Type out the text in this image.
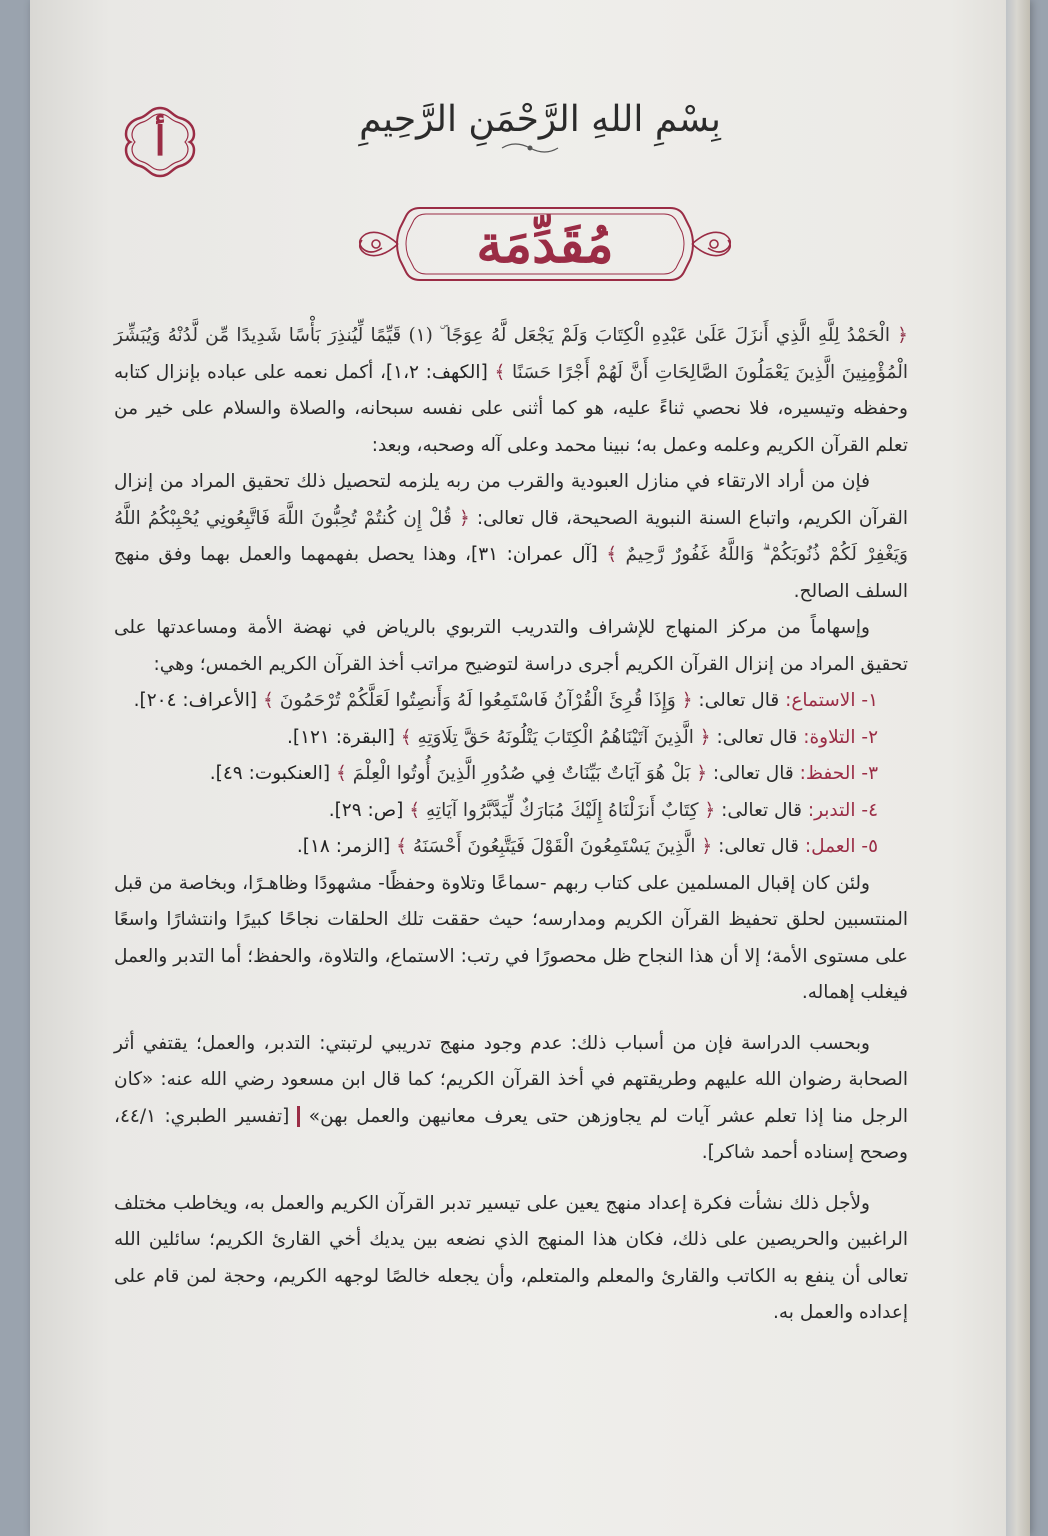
أ	بِسْمِ اللهِ الرَّحْمَنِ الرَّحِيمِ
مُقَدِّمَة

﴿ الْحَمْدُ لِلَّهِ الَّذِي أَنزَلَ عَلَىٰ عَبْدِهِ الْكِتَابَ وَلَمْ يَجْعَل لَّهُ عِوَجًا ۜ (١) قَيِّمًا لِّيُنذِرَ بَأْسًا شَدِيدًا مِّن لَّدُنْهُ وَيُبَشِّرَ الْمُؤْمِنِينَ الَّذِينَ يَعْمَلُونَ الصَّالِحَاتِ أَنَّ لَهُمْ أَجْرًا حَسَنًا ﴾ [الكهف: ١،٢]، أكمل نعمه على عباده بإنزال كتابه وحفظه وتيسيره، فلا نحصي ثناءً عليه، هو كما أثنى على نفسه سبحانه، والصلاة والسلام على خير من تعلم القرآن الكريم وعلمه وعمل به؛ نبينا محمد وعلى آله وصحبه، وبعد:

فإن من أراد الارتقاء في منازل العبودية والقرب من ربه يلزمه لتحصيل ذلك تحقيق المراد من إنزال القرآن الكريم، واتباع السنة النبوية الصحيحة، قال تعالى: ﴿ قُلْ إِن كُنتُمْ تُحِبُّونَ اللَّهَ فَاتَّبِعُونِي يُحْبِبْكُمُ اللَّهُ وَيَغْفِرْ لَكُمْ ذُنُوبَكُمْ ۗ وَاللَّهُ غَفُورٌ رَّحِيمٌ ﴾ [آل عمران: ٣١]، وهذا يحصل بفهمهما والعمل بهما وفق منهج السلف الصالح.

وإسهاماً من مركز المنهاج للإشراف والتدريب التربوي بالرياض في نهضة الأمة ومساعدتها على تحقيق المراد من إنزال القرآن الكريم أجرى دراسة لتوضيح مراتب أخذ القرآن الكريم الخمس؛ وهي:

١- الاستماع: قال تعالى: ﴿ وَإِذَا قُرِئَ الْقُرْآنُ فَاسْتَمِعُوا لَهُ وَأَنصِتُوا لَعَلَّكُمْ تُرْحَمُونَ ﴾ [الأعراف: ٢٠٤].

٢- التلاوة: قال تعالى: ﴿ الَّذِينَ آتَيْنَاهُمُ الْكِتَابَ يَتْلُونَهُ حَقَّ تِلَاوَتِهِ ﴾ [البقرة: ١٢١].

٣- الحفظ: قال تعالى: ﴿ بَلْ هُوَ آيَاتٌ بَيِّنَاتٌ فِي صُدُورِ الَّذِينَ أُوتُوا الْعِلْمَ ﴾ [العنكبوت: ٤٩].

٤- التدبر: قال تعالى: ﴿ كِتَابٌ أَنزَلْنَاهُ إِلَيْكَ مُبَارَكٌ لِّيَدَّبَّرُوا آيَاتِهِ ﴾ [ص: ٢٩].

٥- العمل: قال تعالى: ﴿ الَّذِينَ يَسْتَمِعُونَ الْقَوْلَ فَيَتَّبِعُونَ أَحْسَنَهُ ﴾ [الزمر: ١٨].

ولئن كان إقبال المسلمين على كتاب ربهم -سماعًا وتلاوة وحفظًا- مشهودًا وظاهـرًا، وبخاصة من قبل المنتسبين لحلق تحفيظ القرآن الكريم ومدارسه؛ حيث حققت تلك الحلقات نجاحًا كبيرًا وانتشارًا واسعًا على مستوى الأمة؛ إلا أن هذا النجاح ظل محصورًا في رتب: الاستماع، والتلاوة، والحفظ؛ أما التدبر والعمل فيغلب إهماله.

وبحسب الدراسة فإن من أسباب ذلك: عدم وجود منهج تدريبي لرتبتي: التدبر، والعمل؛ يقتفي أثر الصحابة رضوان الله عليهم وطريقتهم في أخذ القرآن الكريم؛ كما قال ابن مسعود رضي الله عنه: «كان الرجل منا إذا تعلم عشر آيات لم يجاوزهن حتى يعرف معانيهن والعمل بهن» [تفسير الطبري: ٤٤/١، وصحح إسناده أحمد شاكر].

ولأجل ذلك نشأت فكرة إعداد منهج يعين على تيسير تدبر القرآن الكريم والعمل به، ويخاطب مختلف الراغبين والحريصين على ذلك، فكان هذا المنهج الذي نضعه بين يديك أخي القارئ الكريم؛ سائلين الله تعالى أن ينفع به الكاتب والقارئ والمعلم والمتعلم، وأن يجعله خالصًا لوجهه الكريم، وحجة لمن قام على إعداده والعمل به.
